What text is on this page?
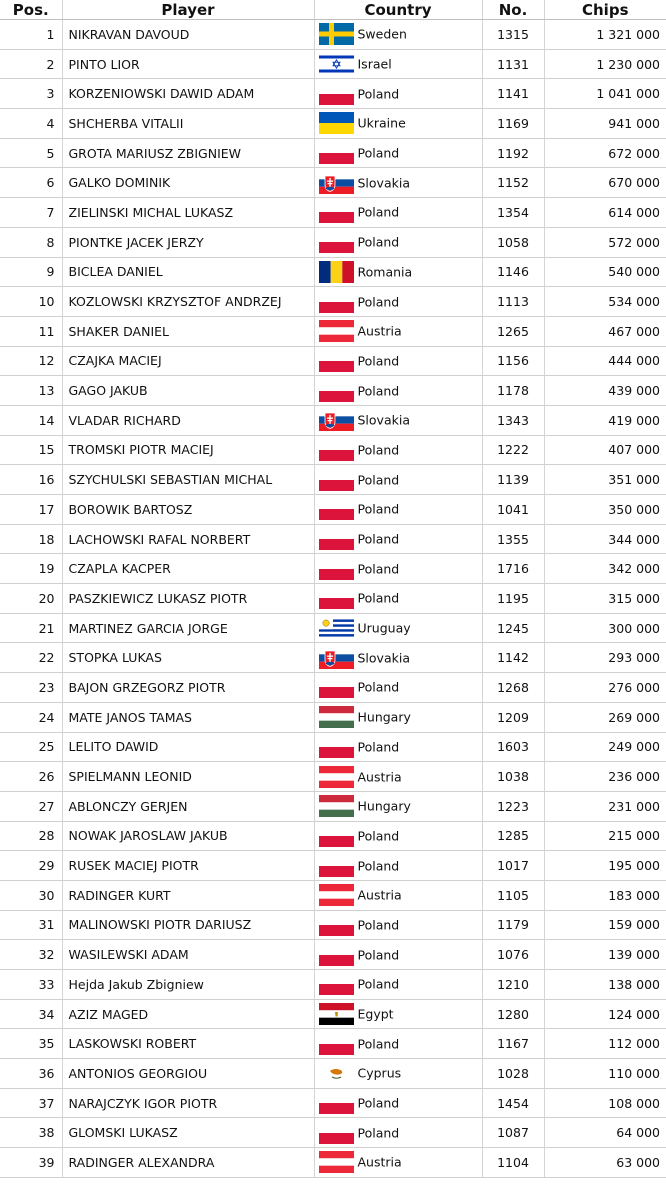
Pos.	Player	Country	No.	Chips
1	NIKRAVAN DAVOUD	Sweden	1315	1 321 000
2	PINTO LIOR	Israel	1131	1 230 000
3	KORZENIOWSKI DAWID ADAM	Poland	1141	1 041 000
4	SHCHERBA VITALII	Ukraine	1169	941 000
5	GROTA MARIUSZ ZBIGNIEW	Poland	1192	672 000
6	GALKO DOMINIK	Slovakia	1152	670 000
7	ZIELINSKI MICHAL LUKASZ	Poland	1354	614 000
8	PIONTKE JACEK JERZY	Poland	1058	572 000
9	BICLEA DANIEL	Romania	1146	540 000
10	KOZLOWSKI KRZYSZTOF ANDRZEJ	Poland	1113	534 000
11	SHAKER DANIEL	Austria	1265	467 000
12	CZAJKA MACIEJ	Poland	1156	444 000
13	GAGO JAKUB	Poland	1178	439 000
14	VLADAR RICHARD	Slovakia	1343	419 000
15	TROMSKI PIOTR MACIEJ	Poland	1222	407 000
16	SZYCHULSKI SEBASTIAN MICHAL	Poland	1139	351 000
17	BOROWIK BARTOSZ	Poland	1041	350 000
18	LACHOWSKI RAFAL NORBERT	Poland	1355	344 000
19	CZAPLA KACPER	Poland	1716	342 000
20	PASZKIEWICZ LUKASZ PIOTR	Poland	1195	315 000
21	MARTINEZ GARCIA JORGE	Uruguay	1245	300 000
22	STOPKA LUKAS	Slovakia	1142	293 000
23	BAJON GRZEGORZ PIOTR	Poland	1268	276 000
24	MATE JANOS TAMAS	Hungary	1209	269 000
25	LELITO DAWID	Poland	1603	249 000
26	SPIELMANN LEONID	Austria	1038	236 000
27	ABLONCZY GERJEN	Hungary	1223	231 000
28	NOWAK JAROSLAW JAKUB	Poland	1285	215 000
29	RUSEK MACIEJ PIOTR	Poland	1017	195 000
30	RADINGER KURT	Austria	1105	183 000
31	MALINOWSKI PIOTR DARIUSZ	Poland	1179	159 000
32	WASILEWSKI ADAM	Poland	1076	139 000
33	Hejda Jakub Zbigniew	Poland	1210	138 000
34	AZIZ MAGED	Egypt	1280	124 000
35	LASKOWSKI ROBERT	Poland	1167	112 000
36	ANTONIOS GEORGIOU	Cyprus	1028	110 000
37	NARAJCZYK IGOR PIOTR	Poland	1454	108 000
38	GLOMSKI LUKASZ	Poland	1087	64 000
39	RADINGER ALEXANDRA	Austria	1104	63 000
